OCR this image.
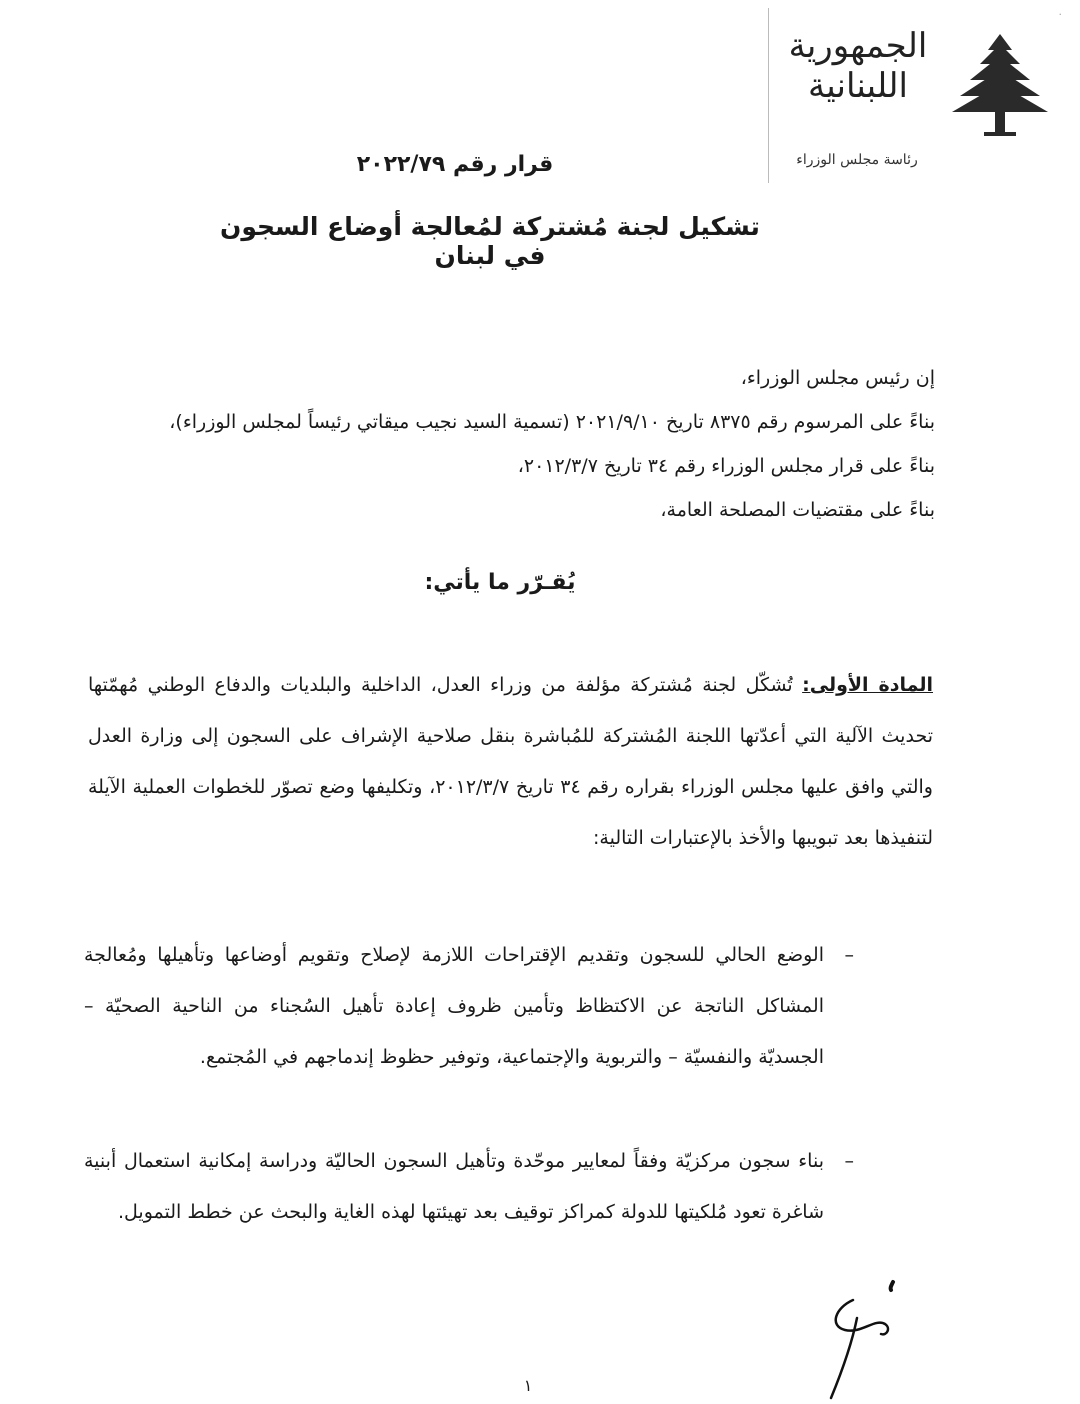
·
الجمهورية
اللبنانية
رئاسة مجلس الوزراء
قرار رقم ٢٠٢٢/٧٩
تشكيل لجنة مُشتركة لمُعالجة أوضاع السجون في لبنان
إن رئيس مجلس الوزراء،
بناءً على المرسوم رقم ٨٣٧٥ تاريخ ٢٠٢١/٩/١٠ (تسمية السيد نجيب ميقاتي رئيساً لمجلس الوزراء)،
بناءً على قرار مجلس الوزراء رقم ٣٤ تاريخ ٢٠١٢/٣/٧،
بناءً على مقتضيات المصلحة العامة،
يُقـرّر ما يأتي:
المادة الأولى: تُشكّل لجنة مُشتركة مؤلفة من وزراء العدل، الداخلية والبلديات والدفاع الوطني مُهمّتها تحديث الآلية التي أعدّتها اللجنة المُشتركة للمُباشرة بنقل صلاحية الإشراف على السجون إلى وزارة العدل والتي وافق عليها مجلس الوزراء بقراره رقم ٣٤ تاريخ ٢٠١٢/٣/٧، وتكليفها وضع تصوّر للخطوات العملية الآيلة لتنفيذها بعد تبويبها والأخذ بالإعتبارات التالية:
–
الوضع الحالي للسجون وتقديم الإقتراحات اللازمة لإصلاح وتقويم أوضاعها وتأهيلها ومُعالجة المشاكل الناتجة عن الاكتظاظ وتأمين ظروف إعادة تأهيل السُجناء من الناحية الصحيّة – الجسديّة والنفسيّة – والتربوية والإجتماعية، وتوفير حظوظ إندماجهم في المُجتمع.
–
بناء سجون مركزيّة وفقاً لمعايير موحّدة وتأهيل السجون الحاليّة ودراسة إمكانية استعمال أبنية شاغرة تعود مُلكيتها للدولة كمراكز توقيف بعد تهيئتها لهذه الغاية والبحث عن خطط التمويل.
١
